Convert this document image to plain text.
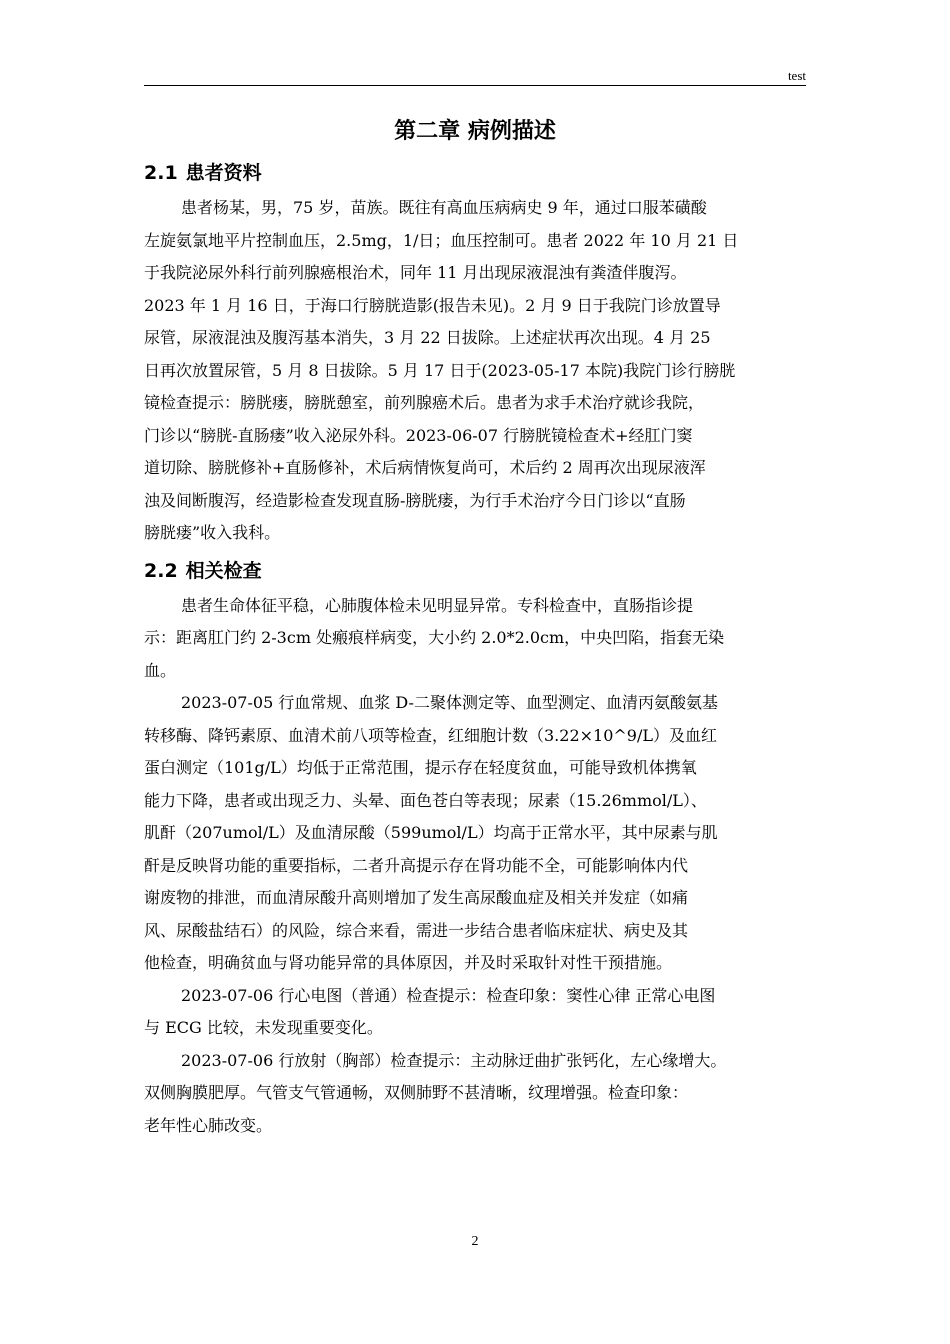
test
第二章 病例描述
2.1 患者资料

患者杨某，男，75 岁，苗族。既往有高血压病病史 9 年，通过口服苯磺酸
左旋氨氯地平片控制血压，2.5mg，1/日；血压控制可。患者 2022 年 10 月 21 日
于我院泌尿外科行前列腺癌根治术，同年 11 月出现尿液混浊有粪渣伴腹泻。
2023 年 1 月 16 日，于海口行膀胱造影(报告未见)。2 月 9 日于我院门诊放置导
尿管，尿液混浊及腹泻基本消失，3 月 22 日拔除。上述症状再次出现。4 月 25
日再次放置尿管，5 月 8 日拔除。5 月 17 日于(2023-05-17 本院)我院门诊行膀胱
镜检查提示：膀胱瘘，膀胱憩室，前列腺癌术后。患者为求手术治疗就诊我院，
门诊以“膀胱-直肠瘘”收入泌尿外科。2023-06-07 行膀胱镜检查术+经肛门窦
道切除、膀胱修补+直肠修补，术后病情恢复尚可，术后约 2 周再次出现尿液浑
浊及间断腹泻，经造影检查发现直肠-膀胱瘘，为行手术治疗今日门诊以“直肠
膀胱瘘”收入我科。

2.2 相关检查

患者生命体征平稳，心肺腹体检未见明显异常。专科检查中，直肠指诊提
示：距离肛门约 2-3cm 处瘢痕样病变，大小约 2.0*2.0cm，中央凹陷，指套无染
血。

2023-07-05 行血常规、血浆 D-二聚体测定等、血型测定、血清丙氨酸氨基
转移酶、降钙素原、血清术前八项等检查，红细胞计数（3.22×10^9/L）及血红
蛋白测定（101g/L）均低于正常范围，提示存在轻度贫血，可能导致机体携氧
能力下降，患者或出现乏力、头晕、面色苍白等表现；尿素（15.26mmol/L）、
肌酐（207umol/L）及血清尿酸（599umol/L）均高于正常水平，其中尿素与肌
酐是反映肾功能的重要指标，二者升高提示存在肾功能不全，可能影响体内代
谢废物的排泄，而血清尿酸升高则增加了发生高尿酸血症及相关并发症（如痛
风、尿酸盐结石）的风险，综合来看，需进一步结合患者临床症状、病史及其
他检查，明确贫血与肾功能异常的具体原因，并及时采取针对性干预措施。

2023-07-06 行心电图（普通）检查提示：检查印象：窦性心律 正常心电图
与 ECG 比较，未发现重要变化。

2023-07-06 行放射（胸部）检查提示：主动脉迂曲扩张钙化，左心缘增大。
双侧胸膜肥厚。气管支气管通畅，双侧肺野不甚清晰，纹理增强。检查印象：
老年性心肺改变。

2
